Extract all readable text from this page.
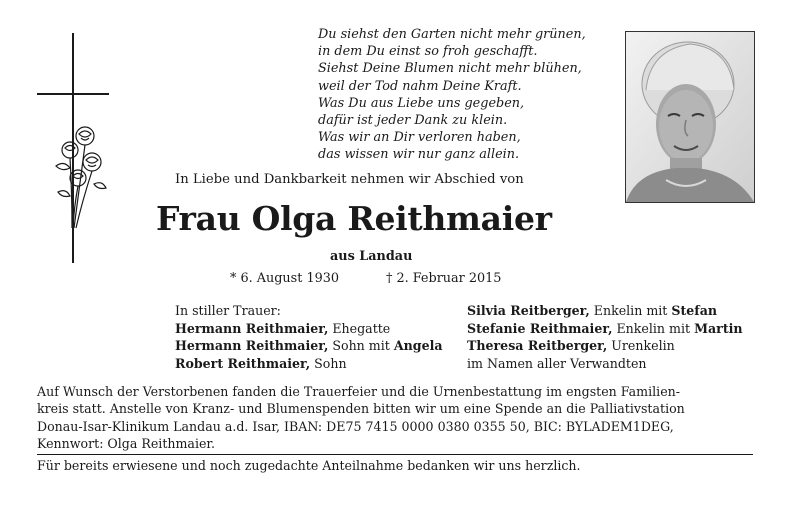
Du siehst den Garten nicht mehr grünen,
in dem Du einst so froh geschafft.
Siehst Deine Blumen nicht mehr blühen,
weil der Tod nahm Deine Kraft.
Was Du aus Liebe uns gegeben,
dafür ist jeder Dank zu klein.
Was wir an Dir verloren haben,
das wissen wir nur ganz allein.
In Liebe und Dankbarkeit nehmen wir Abschied von
Frau Olga Reithmaier
aus Landau
* 6. August 1930	† 2. Februar 2015
In stiller Trauer:
Hermann Reithmaier, Ehegatte
Hermann Reithmaier, Sohn mit Angela
Robert Reithmaier, Sohn
Silvia Reitberger, Enkelin mit Stefan
Stefanie Reithmaier, Enkelin mit Martin
Theresa Reitberger, Urenkelin
im Namen aller Verwandten
Auf Wunsch der Verstorbenen fanden die Trauerfeier und die Urnenbestattung im engsten Familien-
kreis statt. Anstelle von Kranz- und Blumenspenden bitten wir um eine Spende an die Palliativstation
Donau-Isar-Klinikum Landau a.d. Isar, IBAN: DE75 7415 0000 0380 0355 50, BIC: BYLADEM1DEG,
Kennwort: Olga Reithmaier.
Für bereits erwiesene und noch zugedachte Anteilnahme bedanken wir uns herzlich.
